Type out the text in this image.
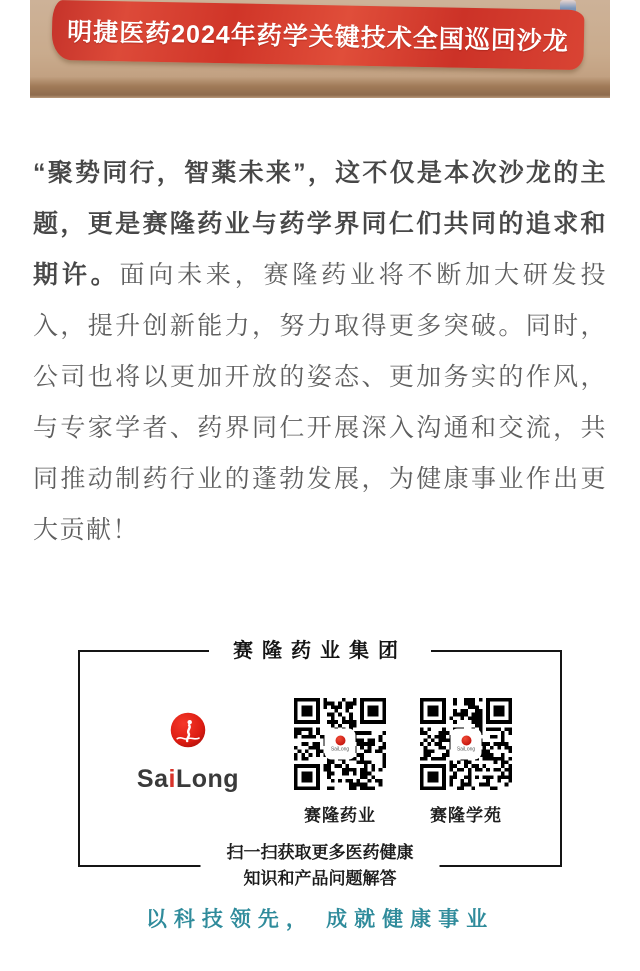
明捷医药2024年药学关键技术全国巡回沙龙

“聚势同行，智薬未来”，这不仅是本次沙龙的主题，更是赛隆药业与药学界同仁们共同的追求和期许。面向未来，赛隆药业将不断加大研发投入，提升创新能力，努力取得更多突破。同时，公司也将以更加开放的姿态、更加务实的作风，与专家学者、药界同仁开展深入沟通和交流，共同推动制药行业的蓬勃发展，为健康事业作出更大贡献！

赛隆药业集团
SaiLong
SaiLong
赛隆药业
SaiLong
赛隆学苑
扫一扫获取更多医药健康
知识和产品问题解答
以科技领先， 成就健康事业
